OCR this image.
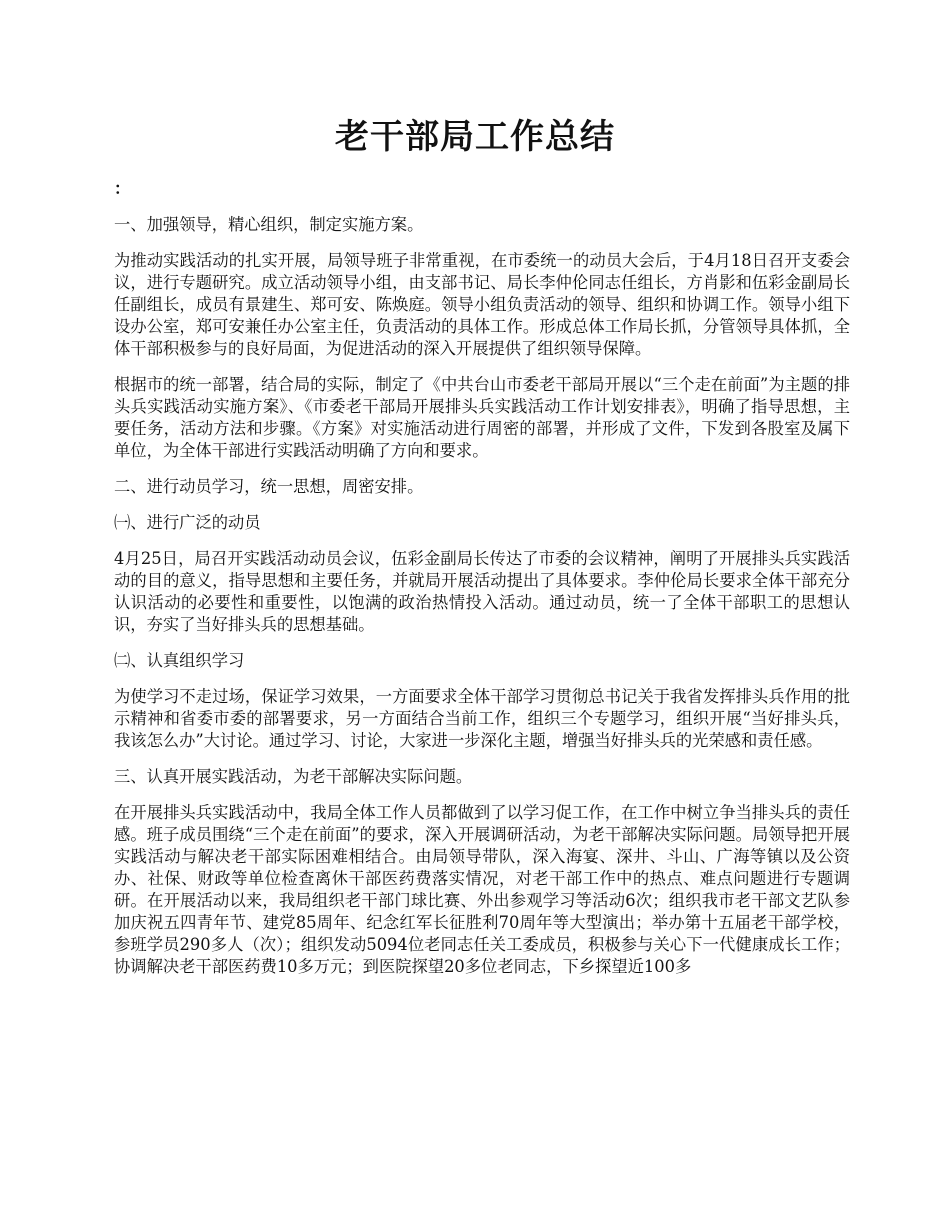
老干部局工作总结

：

一、加强领导，精心组织，制定实施方案。

为推动实践活动的扎实开展，局领导班子非常重视，在市委统一的动员大会后，于4月18日召开支委会议，进行专题研究。成立活动领导小组，由支部书记、局长李仲伦同志任组长，方肖影和伍彩金副局长任副组长，成员有景建生、郑可安、陈焕庭。领导小组负责活动的领导、组织和协调工作。领导小组下设办公室，郑可安兼任办公室主任，负责活动的具体工作。形成总体工作局长抓，分管领导具体抓，全体干部积极参与的良好局面，为促进活动的深入开展提供了组织领导保障。

根据市的统一部署，结合局的实际，制定了《中共台山市委老干部局开展以“三个走在前面”为主题的排头兵实践活动实施方案》、《市委老干部局开展排头兵实践活动工作计划安排表》，明确了指导思想，主要任务，活动方法和步骤。《方案》对实施活动进行周密的部署，并形成了文件，下发到各股室及属下单位，为全体干部进行实践活动明确了方向和要求。

二、进行动员学习，统一思想，周密安排。

㈠、进行广泛的动员

4月25日，局召开实践活动动员会议，伍彩金副局长传达了市委的会议精神，阐明了开展排头兵实践活动的目的意义，指导思想和主要任务，并就局开展活动提出了具体要求。李仲伦局长要求全体干部充分认识活动的必要性和重要性，以饱满的政治热情投入活动。通过动员，统一了全体干部职工的思想认识，夯实了当好排头兵的思想基础。

㈡、认真组织学习

为使学习不走过场，保证学习效果，一方面要求全体干部学习贯彻总书记关于我省发挥排头兵作用的批示精神和省委市委的部署要求，另一方面结合当前工作，组织三个专题学习，组织开展“当好排头兵，我该怎么办”大讨论。通过学习、讨论，大家进一步深化主题，增强当好排头兵的光荣感和责任感。

三、认真开展实践活动，为老干部解决实际问题。

在开展排头兵实践活动中，我局全体工作人员都做到了以学习促工作，在工作中树立争当排头兵的责任感。班子成员围绕“三个走在前面”的要求，深入开展调研活动，为老干部解决实际问题。局领导把开展实践活动与解决老干部实际困难相结合。由局领导带队，深入海宴、深井、斗山、广海等镇以及公资办、社保、财政等单位检查离休干部医药费落实情况，对老干部工作中的热点、难点问题进行专题调研。在开展活动以来，我局组织老干部门球比赛、外出参观学习等活动6次；组织我市老干部文艺队参加庆祝五四青年节、建党85周年、纪念红军长征胜利70周年等大型演出；举办第十五届老干部学校，参班学员290多人（次）；组织发动5094位老同志任关工委成员，积极参与关心下一代健康成长工作；协调解决老干部医药费10多万元；到医院探望20多位老同志，下乡探望近100多
